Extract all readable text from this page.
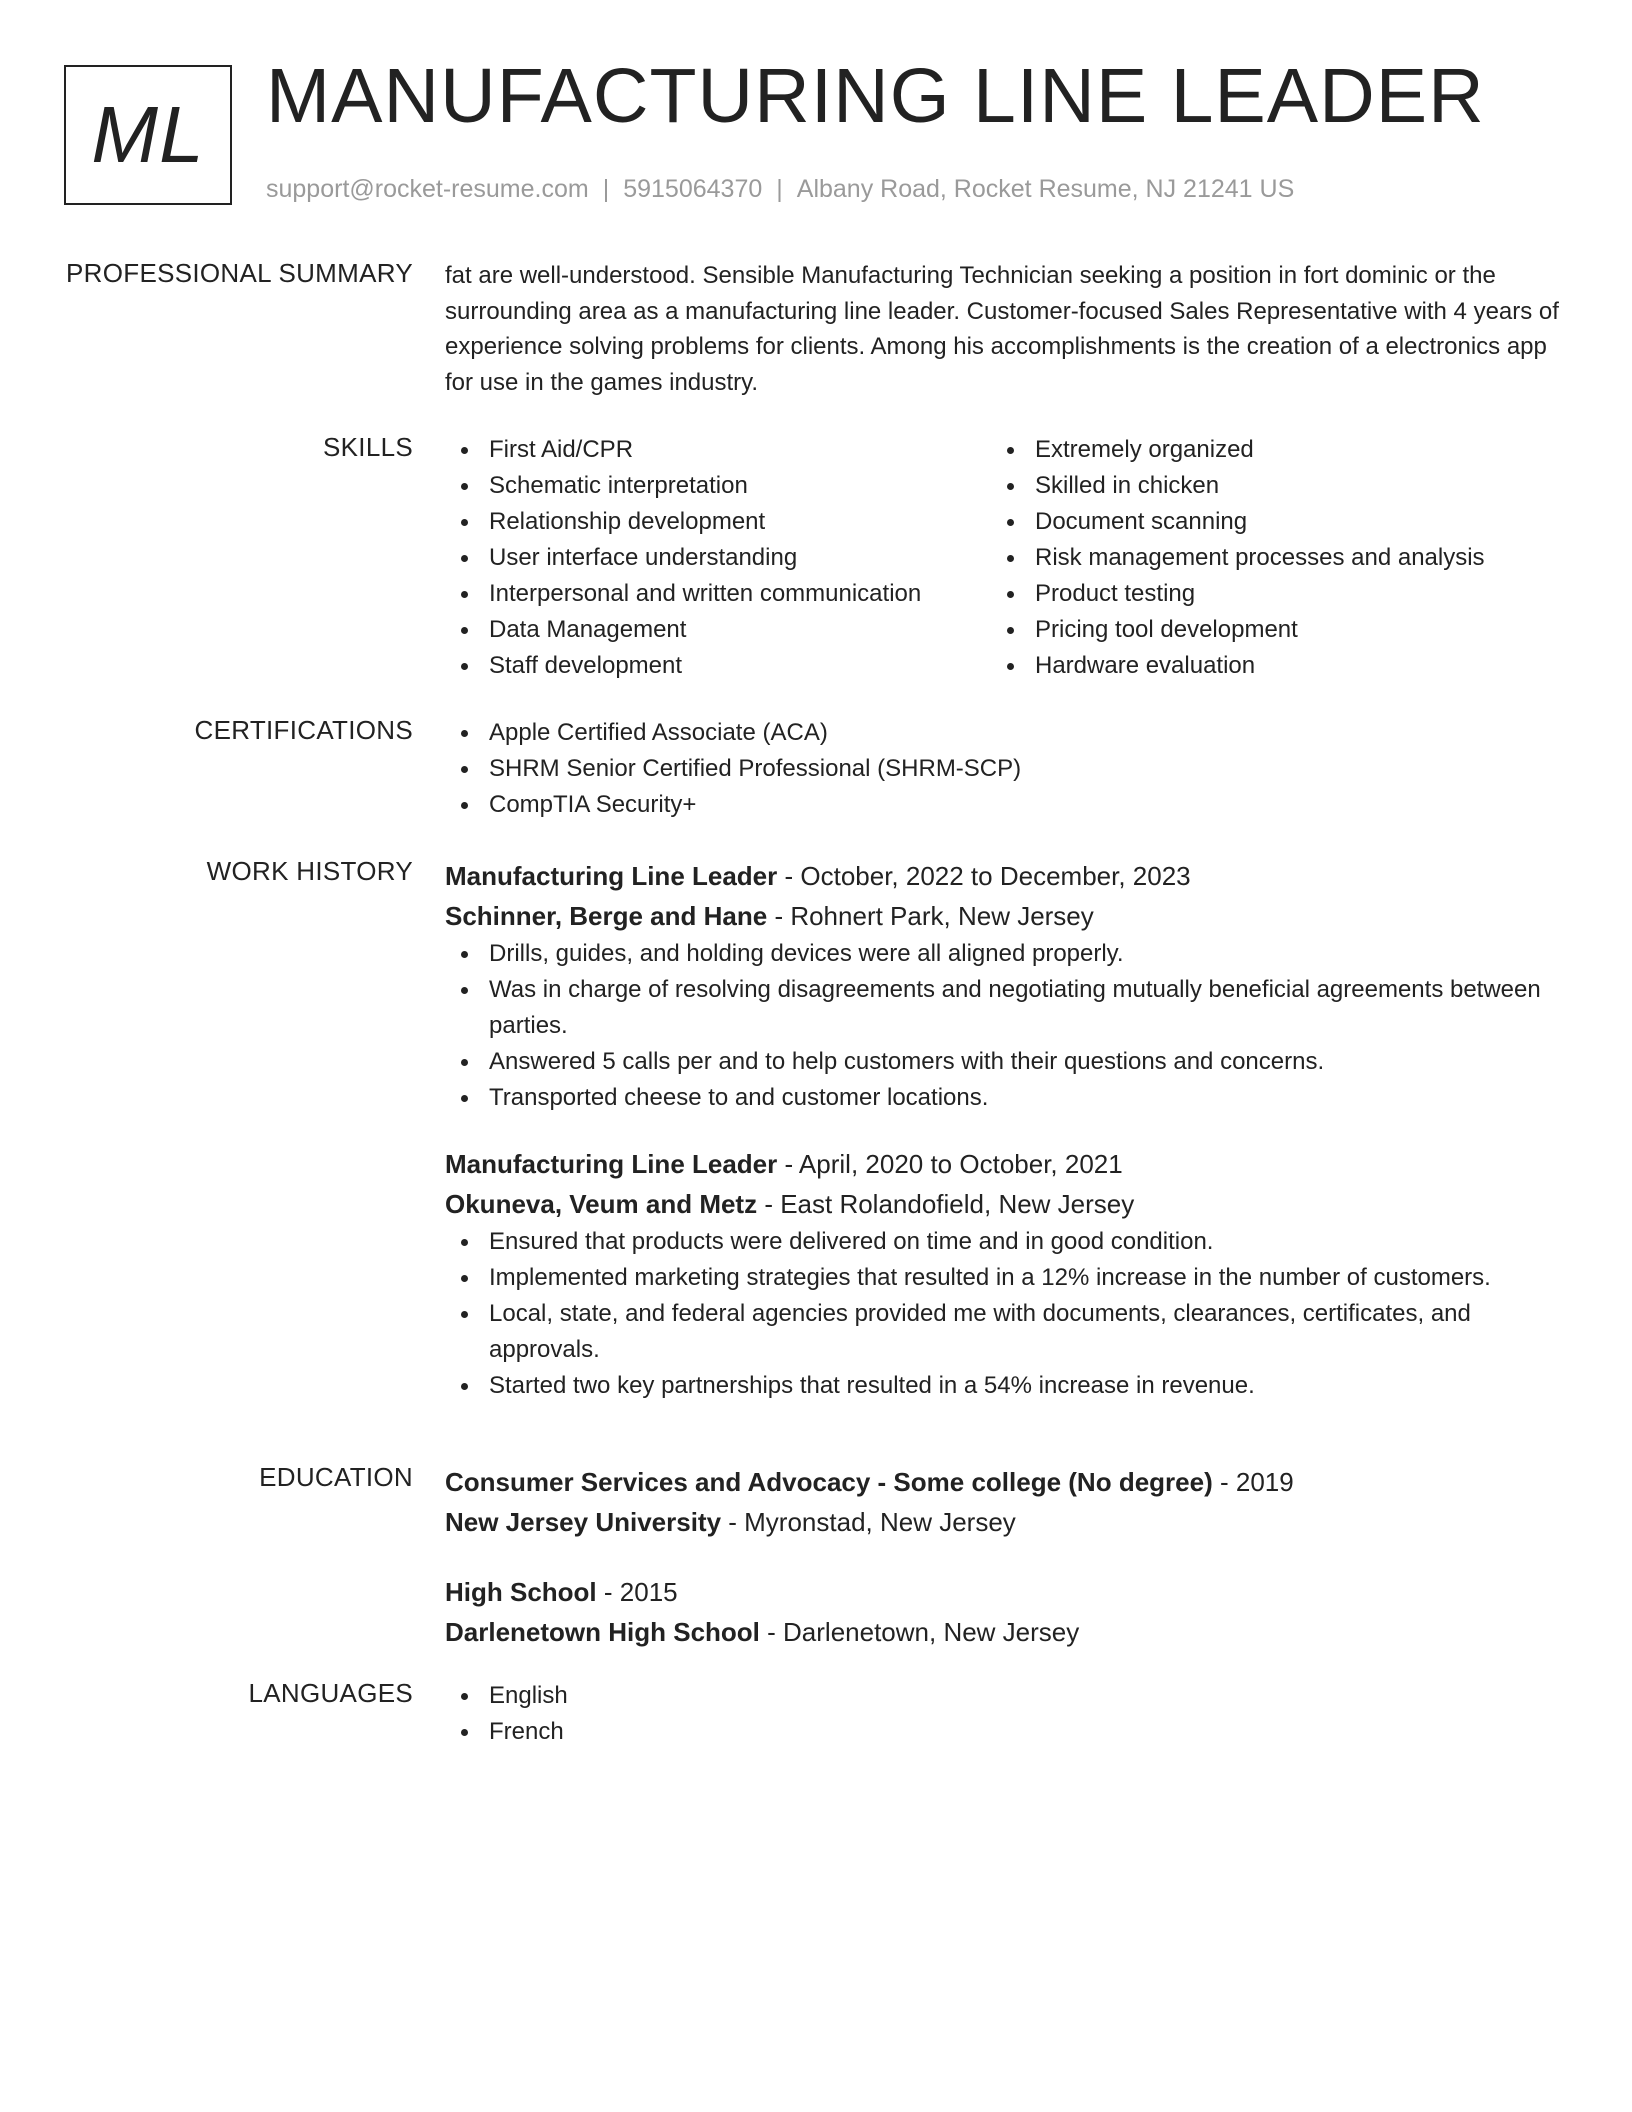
ML MANUFACTURING LINE LEADER
support@rocket-resume.com | 5915064370 | Albany Road, Rocket Resume, NJ 21241 US
PROFESSIONAL SUMMARY fat are well-understood. Sensible Manufacturing Technician seeking a position in fort dominic or the surrounding area as a manufacturing line leader. Customer-focused Sales Representative with 4 years of experience solving problems for clients. Among his accomplishments is the creation of a electronics app for use in the games industry.

SKILLS	First Aid/CPR
Schematic interpretation
Relationship development
User interface understanding
Interpersonal and written communication
Data Management
Staff development
Extremely organized
Skilled in chicken
Document scanning
Risk management processes and analysis
Product testing
Pricing tool development
Hardware evaluation
CERTIFICATIONS	Apple Certified Associate (ACA)
SHRM Senior Certified Professional (SHRM-SCP)
CompTIA Security+
WORK HISTORY Manufacturing Line Leader - October, 2022 to December, 2023
Schinner, Berge and Hane - Rohnert Park, New Jersey
Drills, guides, and holding devices were all aligned properly.
Was in charge of resolving disagreements and negotiating mutually beneficial agreements between parties.
Answered 5 calls per and to help customers with their questions and concerns.
Transported cheese to and customer locations.
Manufacturing Line Leader - April, 2020 to October, 2021
Okuneva, Veum and Metz - East Rolandofield, New Jersey
Ensured that products were delivered on time and in good condition.
Implemented marketing strategies that resulted in a 12% increase in the number of customers.
Local, state, and federal agencies provided me with documents, clearances, certificates, and approvals.
Started two key partnerships that resulted in a 54% increase in revenue.
EDUCATION Consumer Services and Advocacy - Some college (No degree) - 2019
New Jersey University - Myronstad, New Jersey
High School - 2015
Darlenetown High School - Darlenetown, New Jersey
LANGUAGES	English
French
